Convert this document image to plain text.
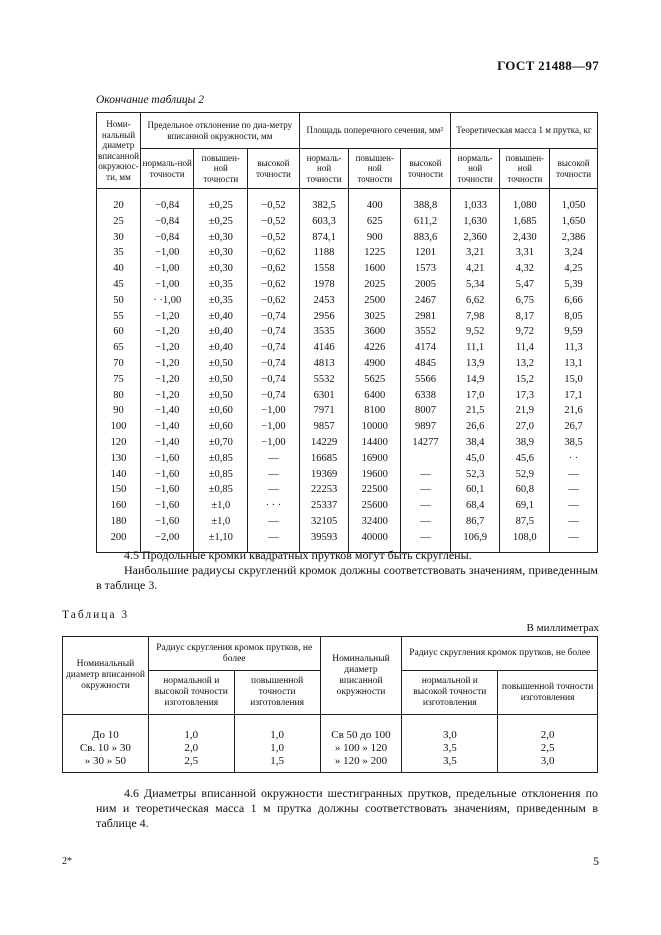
ГОСТ 21488—97
Окончание таблицы 2
Номи-нальный диаметр вписанной окружнос-ти, мм	Предельное отклонение по диа-метру вписанной окружности, мм			Площадь поперечного сечения, мм²			Теоретическая масса 1 м прутка, кг		
	нормаль-ной точности	повышен-ной точности	высокой точности	нормаль-ной точности	повышен-ной точности	высокой точности	нормаль-ной точности	повышен-ной точности	высокой точности
20	−0,84	±0,25	−0,52	382,5	400	388,8	1,033	1,080	1,050
25	−0,84	±0,25	−0,52	603,3	625	611,2	1,630	1,685	1,650
30	−0,84	±0,30	−0,52	874,1	900	883,6	2,360	2,430	2,386
35	−1,00	±0,30	−0,62	1188	1225	1201	3,21	3,31	3,24
40	−1,00	±0,30	−0,62	1558	1600	1573	4,21	4,32	4,25
45	−1,00	±0,35	−0,62	1978	2025	2005	5,34	5,47	5,39
50	· ·1,00	±0,35	−0,62	2453	2500	2467	6,62	6,75	6,66
55	−1,20	±0,40	−0,74	2956	3025	2981	7,98	8,17	8,05
60	−1,20	±0,40	−0,74	3535	3600	3552	9,52	9,72	9,59
65	−1,20	±0,40	−0,74	4146	4226	4174	11,1	11,4	11,3
70	−1,20	±0,50	−0,74	4813	4900	4845	13,9	13,2	13,1
75	−1,20	±0,50	−0,74	5532	5625	5566	14,9	15,2	15,0
80	−1,20	±0,50	−0,74	6301	6400	6338	17,0	17,3	17,1
90	−1,40	±0,60	−1,00	7971	8100	8007	21,5	21,9	21,6
100	−1,40	±0,60	−1,00	9857	10000	9897	26,6	27,0	26,7
120	−1,40	±0,70	−1,00	14229	14400	14277	38,4	38,9	38,5
130	−1,60	±0,85	—	16685	16900		45,0	45,6	· ·
140	−1,60	±0,85	—	19369	19600	—	52,3	52,9	—
150	−1,60	±0,85	—	22253	22500	—	60,1	60,8	—
160	−1,60	±1,0	· · ·	25337	25600	—	68,4	69,1	—
180	−1,60	±1,0	—	32105	32400	—	86,7	87,5	—
200	−2,00	±1,10	—	39593	40000	—	106,9	108,0	—
4.5 Продольные кромки квадратных прутков могут быть скруглены.
Наибольшие радиусы скруглений кромок должны соответствовать значениям, приведенным в таблице 3.
Таблица 3
В миллиметрах
Номинальный диаметр вписанной окружности	Радиус скругления кромок прутков, не более		Номинальный диаметр вписанной окружности	Радиус скругления кромок прутков, не более	
	нормальной и высокой точности изготовления	повышенной точности изготовления		нормальной и высокой точности изготовления	повышенной точности изготовления
До 10	1,0	1,0	Св 50 до 100	3,0	2,0
Св. 10 » 30	2,0	1,0	» 100 » 120	3,5	2,5
» 30 » 50	2,5	1,5	» 120 » 200	3,5	3,0
4.6 Диаметры вписанной окружности шестигранных прутков, предельные отклонения по ним и теоретическая масса 1 м прутка должны соответствовать значениям, приведенным в таблице 4.
2*	5
